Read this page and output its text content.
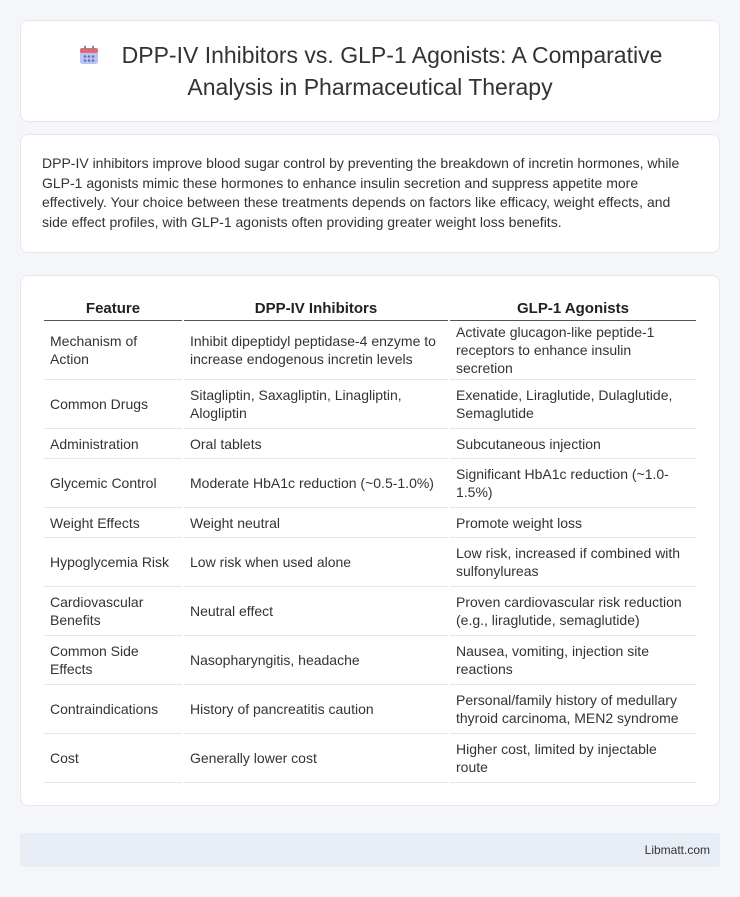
DPP-IV Inhibitors vs. GLP-1 Agonists: A Comparative Analysis in Pharmaceutical Therapy
DPP-IV inhibitors improve blood sugar control by preventing the breakdown of incretin hormones, while GLP-1 agonists mimic these hormones to enhance insulin secretion and suppress appetite more effectively. Your choice between these treatments depends on factors like efficacy, weight effects, and side effect profiles, with GLP-1 agonists often providing greater weight loss benefits.
Feature	DPP-IV Inhibitors	GLP-1 Agonists
Mechanism of Action	Inhibit dipeptidyl peptidase-4 enzyme to increase endogenous incretin levels	Activate glucagon-like peptide-1 receptors to enhance insulin secretion
Common Drugs	Sitagliptin, Saxagliptin, Linagliptin, Alogliptin	Exenatide, Liraglutide, Dulaglutide, Semaglutide
Administration	Oral tablets	Subcutaneous injection
Glycemic Control	Moderate HbA1c reduction (~0.5-1.0%)	Significant HbA1c reduction (~1.0-1.5%)
Weight Effects	Weight neutral	Promote weight loss
Hypoglycemia Risk	Low risk when used alone	Low risk, increased if combined with sulfonylureas
Cardiovascular Benefits	Neutral effect	Proven cardiovascular risk reduction (e.g., liraglutide, semaglutide)
Common Side Effects	Nasopharyngitis, headache	Nausea, vomiting, injection site reactions
Contraindications	History of pancreatitis caution	Personal/family history of medullary thyroid carcinoma, MEN2 syndrome
Cost	Generally lower cost	Higher cost, limited by injectable route
Libmatt.com
